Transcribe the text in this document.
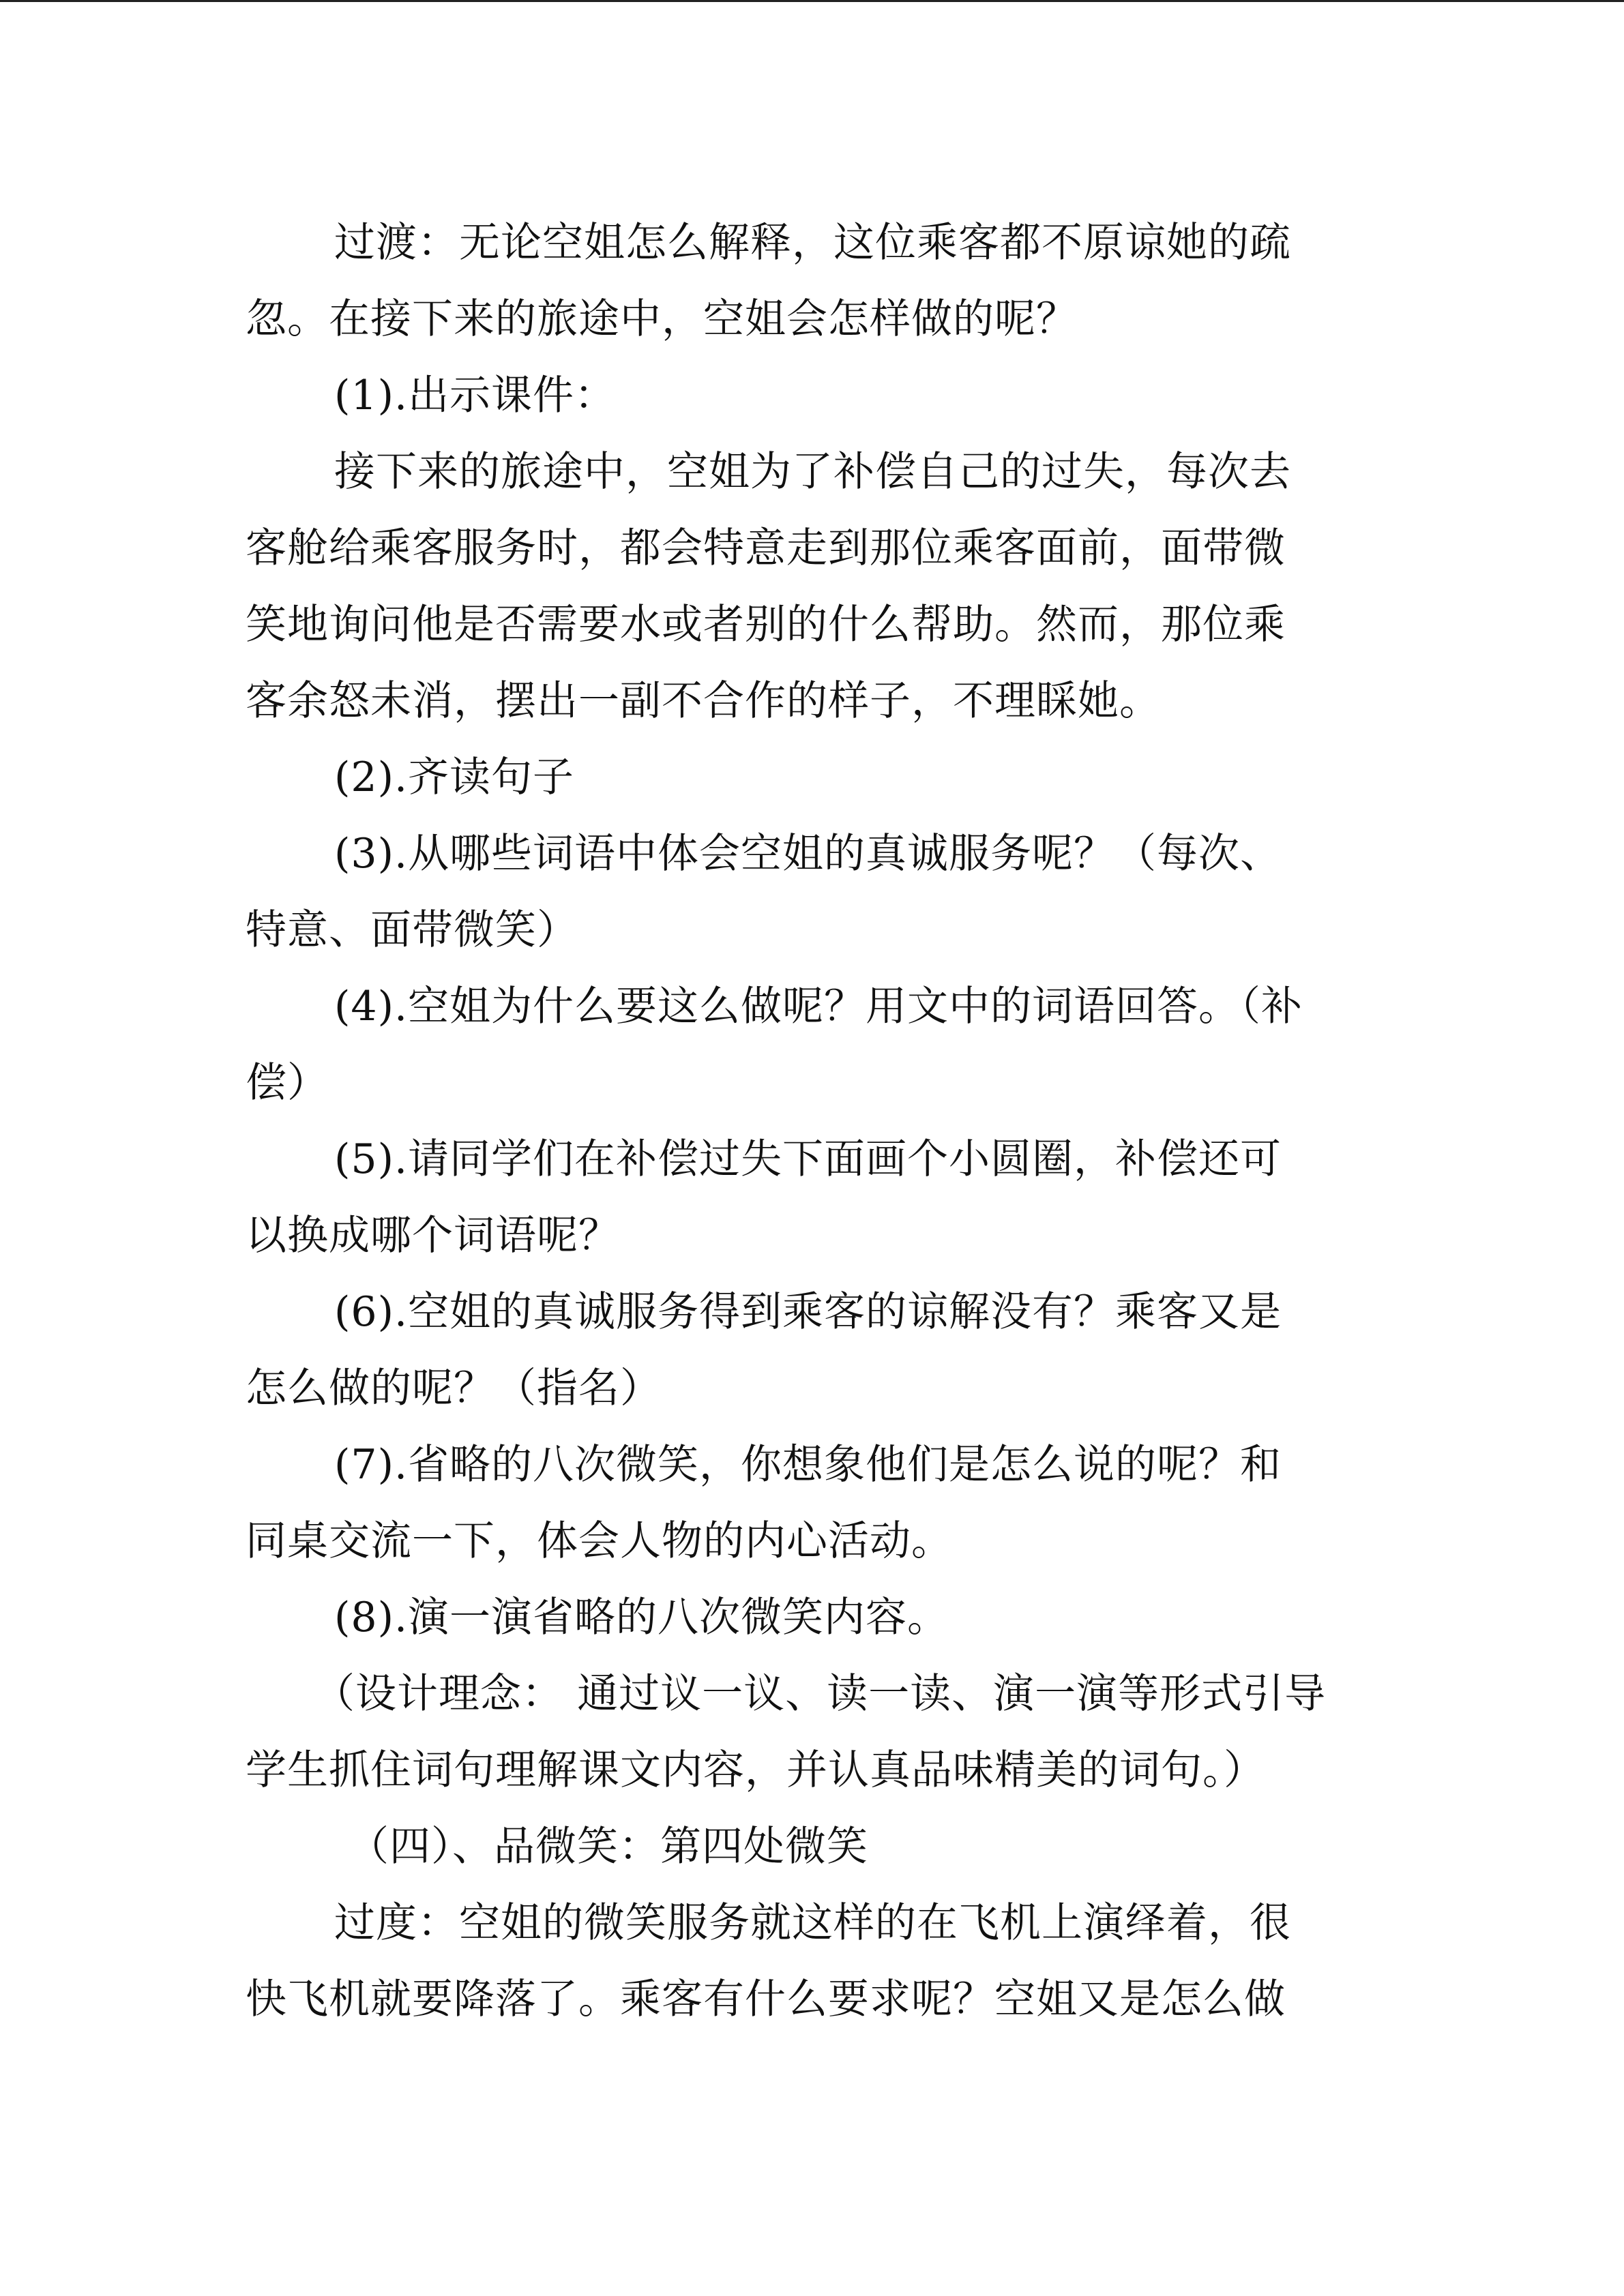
过渡：无论空姐怎么解释，这位乘客都不原谅她的疏
忽。在接下来的旅途中，空姐会怎样做的呢？
(1).出示课件：
接下来的旅途中，空姐为了补偿自己的过失，每次去
客舱给乘客服务时，都会特意走到那位乘客面前，面带微
笑地询问他是否需要水或者别的什么帮助。然而，那位乘
客余怒未消，摆出一副不合作的样子，不理睬她。
(2).齐读句子
(3).从哪些词语中体会空姐的真诚服务呢？（每次、
特意、面带微笑）
(4).空姐为什么要这么做呢？用文中的词语回答。（补
偿）
(5).请同学们在补偿过失下面画个小圆圈，补偿还可
以换成哪个词语呢？
(6).空姐的真诚服务得到乘客的谅解没有？乘客又是
怎么做的呢？（指名）
(7).省略的八次微笑，你想象他们是怎么说的呢？和
同桌交流一下，体会人物的内心活动。
(8).演一演省略的八次微笑内容。
（设计理念： 通过议一议、读一读、演一演等形式引导
学生抓住词句理解课文内容，并认真品味精美的词句。）
（四）、品微笑：第四处微笑
过度：空姐的微笑服务就这样的在飞机上演绎着，很
快飞机就要降落了。乘客有什么要求呢？空姐又是怎么做
